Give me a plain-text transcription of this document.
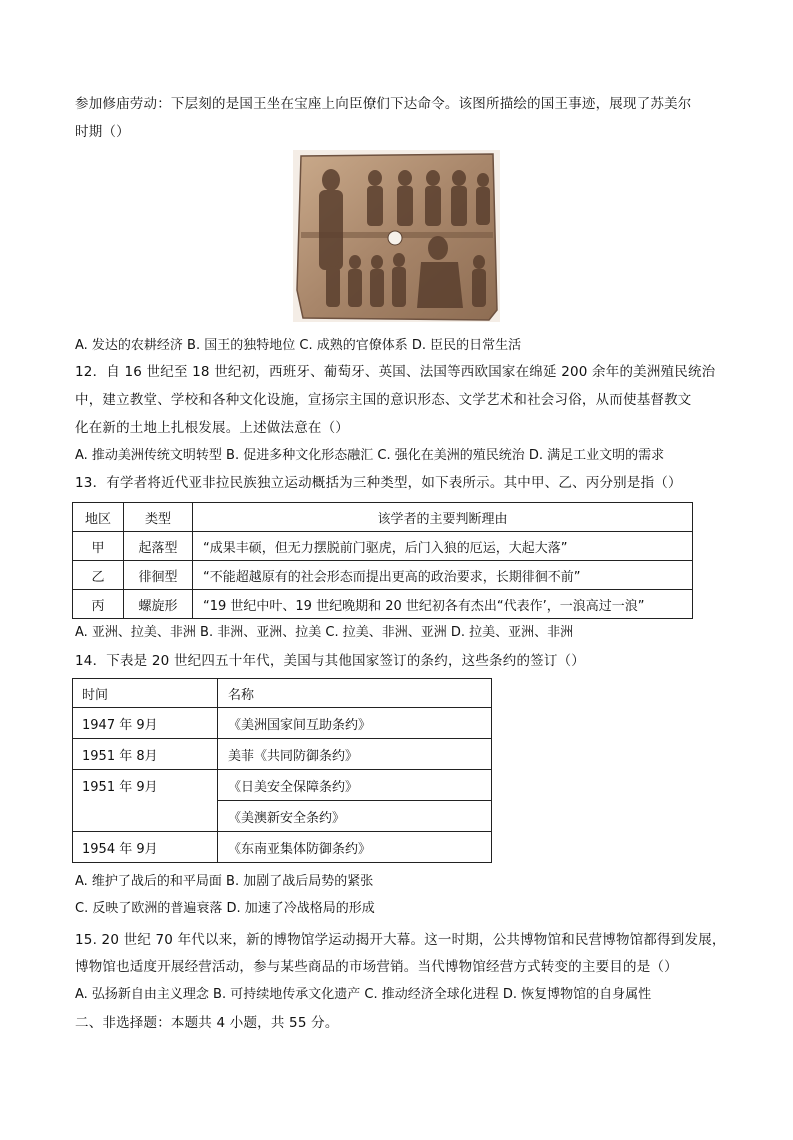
参加修庙劳动：下层刻的是国王坐在宝座上向臣僚们下达命令。该图所描绘的国王事迹，展现了苏美尔
时期（）
A. 发达的农耕经济 B. 国王的独特地位 C. 成熟的官僚体系 D. 臣民的日常生活
12．自 16 世纪至 18 世纪初，西班牙、葡萄牙、英国、法国等西欧国家在绵延 200 余年的美洲殖民统治
中，建立教堂、学校和各种文化设施，宣扬宗主国的意识形态、文学艺术和社会习俗，从而使基督教文
化在新的土地上扎根发展。上述做法意在（）
A. 推动美洲传统文明转型 B. 促进多种文化形态融汇 C. 强化在美洲的殖民统治 D. 满足工业文明的需求
13．有学者将近代亚非拉民族独立运动概括为三种类型，如下表所示。其中甲、乙、丙分别是指（）
地区	类型	该学者的主要判断理由
甲	起落型	“成果丰硕，但无力摆脱前门驱虎，后门入狼的厄运，大起大落”
乙	徘徊型	“不能超越原有的社会形态而提出更高的政治要求，长期徘徊不前”
丙	螺旋形	“19 世纪中叶、19 世纪晚期和 20 世纪初各有杰出“代表作’，一浪高过一浪”
A. 亚洲、拉美、非洲 B. 非洲、亚洲、拉美 C. 拉美、非洲、亚洲 D. 拉美、亚洲、非洲
14．下表是 20 世纪四五十年代，美国与其他国家签订的条约，这些条约的签订（）
时间	名称
1947 年 9月	《美洲国家间互助条约》
1951 年 8月	美菲《共同防御条约》
1951 年 9月	《日美安全保障条约》
	《美澳新安全条约》
1954 年 9月	《东南亚集体防御条约》
A. 维护了战后的和平局面 B. 加剧了战后局势的紧张
C. 反映了欧洲的普遍衰落 D. 加速了冷战格局的形成
15. 20 世纪 70 年代以来，新的博物馆学运动揭开大幕。这一时期，公共博物馆和民营博物馆都得到发展，
博物馆也适度开展经营活动，参与某些商品的市场营销。当代博物馆经营方式转变的主要目的是（）
A. 弘扬新自由主义理念 B. 可持续地传承文化遗产 C. 推动经济全球化进程 D. 恢复博物馆的自身属性
二、非选择题：本题共 4 小题，共 55 分。
